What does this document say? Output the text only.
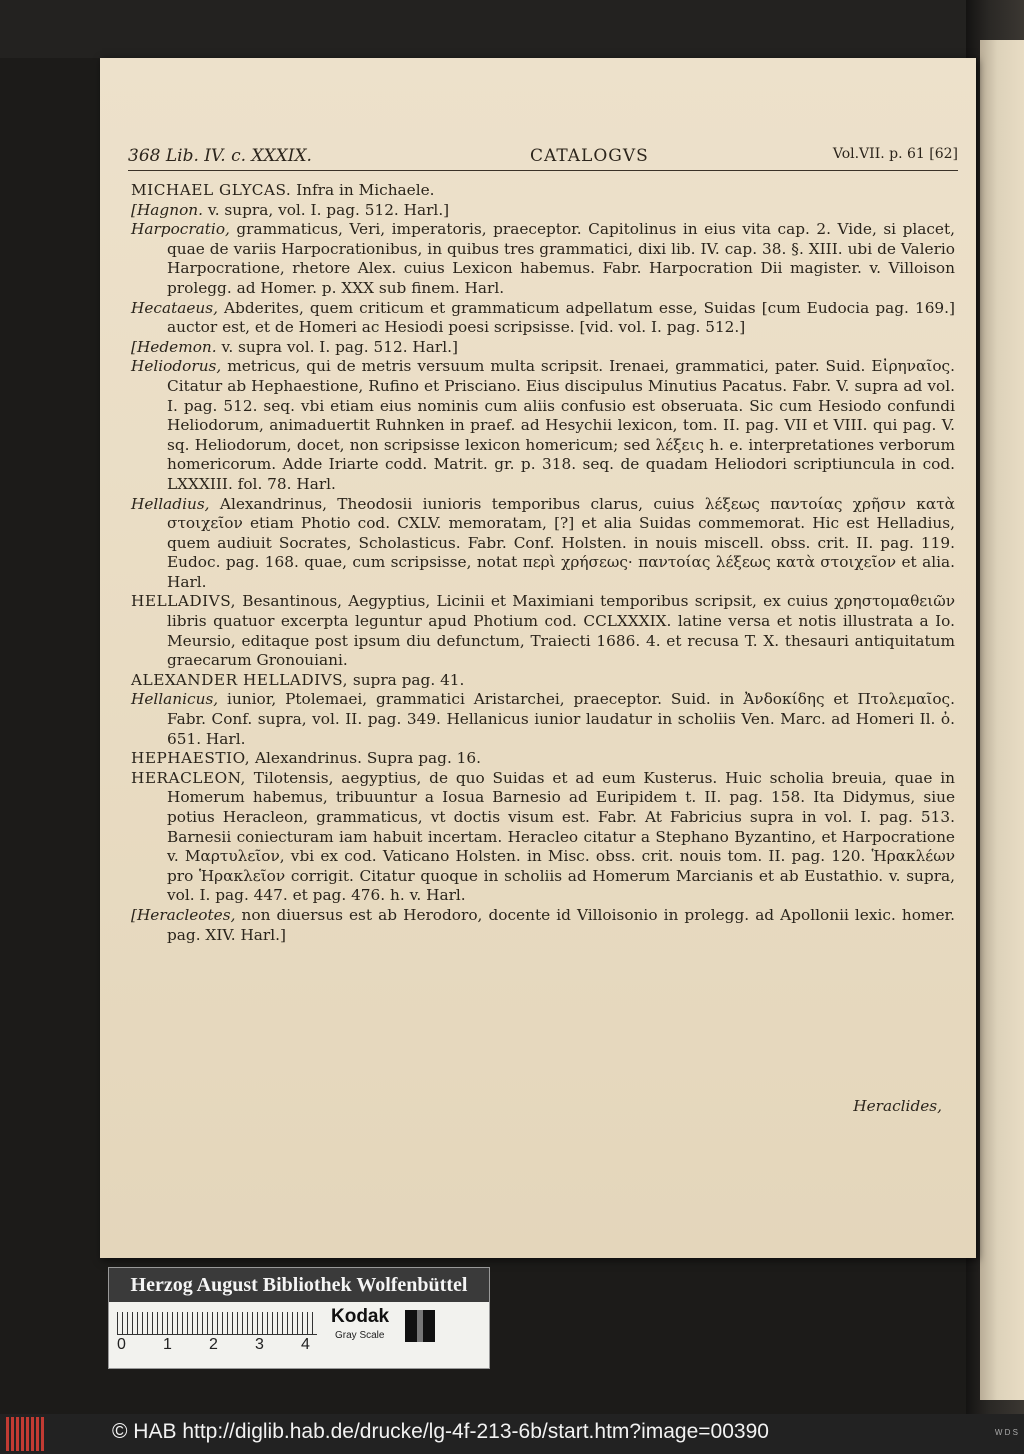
368 Lib. IV. c. XXXIX.	CATALOGVS	Vol.VII. p. 61 [62]

MICHAEL GLYCAS. Infra in Michaele.

[Hagnon. v. supra, vol. I. pag. 512. Harl.]

Harpocratio, grammaticus, Veri, imperatoris, praeceptor. Capitolinus in eius vita cap. 2. Vide, si placet, quae de variis Harpocrationibus, in quibus tres grammatici, dixi lib. IV. cap. 38. §. XIII. ubi de Valerio Harpocratione, rhetore Alex. cuius Lexicon habemus. Fabr. Harpocration Dii magister. v. Villoison prolegg. ad Homer. p. XXX sub finem. Harl.

Hecataeus, Abderites, quem criticum et grammaticum adpellatum esse, Suidas [cum Eudocia pag. 169.] auctor est, et de Homeri ac Hesiodi poesi scripsisse. [vid. vol. I. pag. 512.]

[Hedemon. v. supra vol. I. pag. 512. Harl.]

Heliodorus, metricus, qui de metris versuum multa scripsit. Irenaei, grammatici, pater. Suid. Εἰρηναῖος. Citatur ab Hephaestione, Rufino et Prisciano. Eius discipulus Minutius Pacatus. Fabr. V. supra ad vol. I. pag. 512. seq. vbi etiam eius nominis cum aliis confusio est obseruata. Sic cum Hesiodo confundi Heliodorum, animaduertit Ruhnken in praef. ad Hesychii lexicon, tom. II. pag. VII et VIII. qui pag. V. sq. Heliodorum, docet, non scripsisse lexicon homericum; sed λέξεις h. e. interpretationes verborum homericorum. Adde Iriarte codd. Matrit. gr. p. 318. seq. de quadam Heliodori scriptiuncula in cod. LXXXIII. fol. 78. Harl.

Helladius, Alexandrinus, Theodosii iunioris temporibus clarus, cuius λέξεως παντοίας χρῆσιν κατὰ στοιχεῖον etiam Photio cod. CXLV. memoratam, [?] et alia Suidas commemorat. Hic est Helladius, quem audiuit Socrates, Scholasticus. Fabr. Conf. Holsten. in nouis miscell. obss. crit. II. pag. 119. Eudoc. pag. 168. quae, cum scripsisse, notat περὶ χρήσεως· παντοίας λέξεως κατὰ στοιχεῖον et alia. Harl.

HELLADIVS, Besantinous, Aegyptius, Licinii et Maximiani temporibus scripsit, ex cuius χρηστομαθειῶν libris quatuor excerpta leguntur apud Photium cod. CCLXXXIX. latine versa et notis illustrata a Io. Meursio, editaque post ipsum diu defunctum, Traiecti 1686. 4. et recusa T. X. thesauri antiquitatum graecarum Gronouiani.

ALEXANDER HELLADIVS, supra pag. 41.

Hellanicus, iunior, Ptolemaei, grammatici Aristarchei, praeceptor. Suid. in Ἀνδοκίδης et Πτολεμαῖος. Fabr. Conf. supra, vol. II. pag. 349. Hellanicus iunior laudatur in scholiis Ven. Marc. ad Homeri Il. ὀ. 651. Harl.

HEPHAESTIO, Alexandrinus. Supra pag. 16.

HERACLEON, Tilotensis, aegyptius, de quo Suidas et ad eum Kusterus. Huic scholia breuia, quae in Homerum habemus, tribuuntur a Iosua Barnesio ad Euripidem t. II. pag. 158. Ita Didymus, siue potius Heracleon, grammaticus, vt doctis visum est. Fabr. At Fabricius supra in vol. I. pag. 513. Barnesii coniecturam iam habuit incertam. Heracleo citatur a Stephano Byzantino, et Harpocratione v. Μαρτυλεῖον, vbi ex cod. Vaticano Holsten. in Misc. obss. crit. nouis tom. II. pag. 120. Ἡρακλέων pro Ἡρακλεῖον corrigit. Citatur quoque in scholiis ad Homerum Marcianis et ab Eustathio. v. supra, vol. I. pag. 447. et pag. 476. h. v. Harl.

[Heracleotes, non diuersus est ab Herodoro, docente id Villoisonio in prolegg. ad Apollonii lexic. homer. pag. XIV. Harl.]

Heraclides,
Herzog August Bibliothek Wolfenbüttel
0 1 2 3 4
Kodak
Gray Scale
© HAB http://diglib.hab.de/drucke/lg-4f-213-6b/start.htm?image=00390	W D S
